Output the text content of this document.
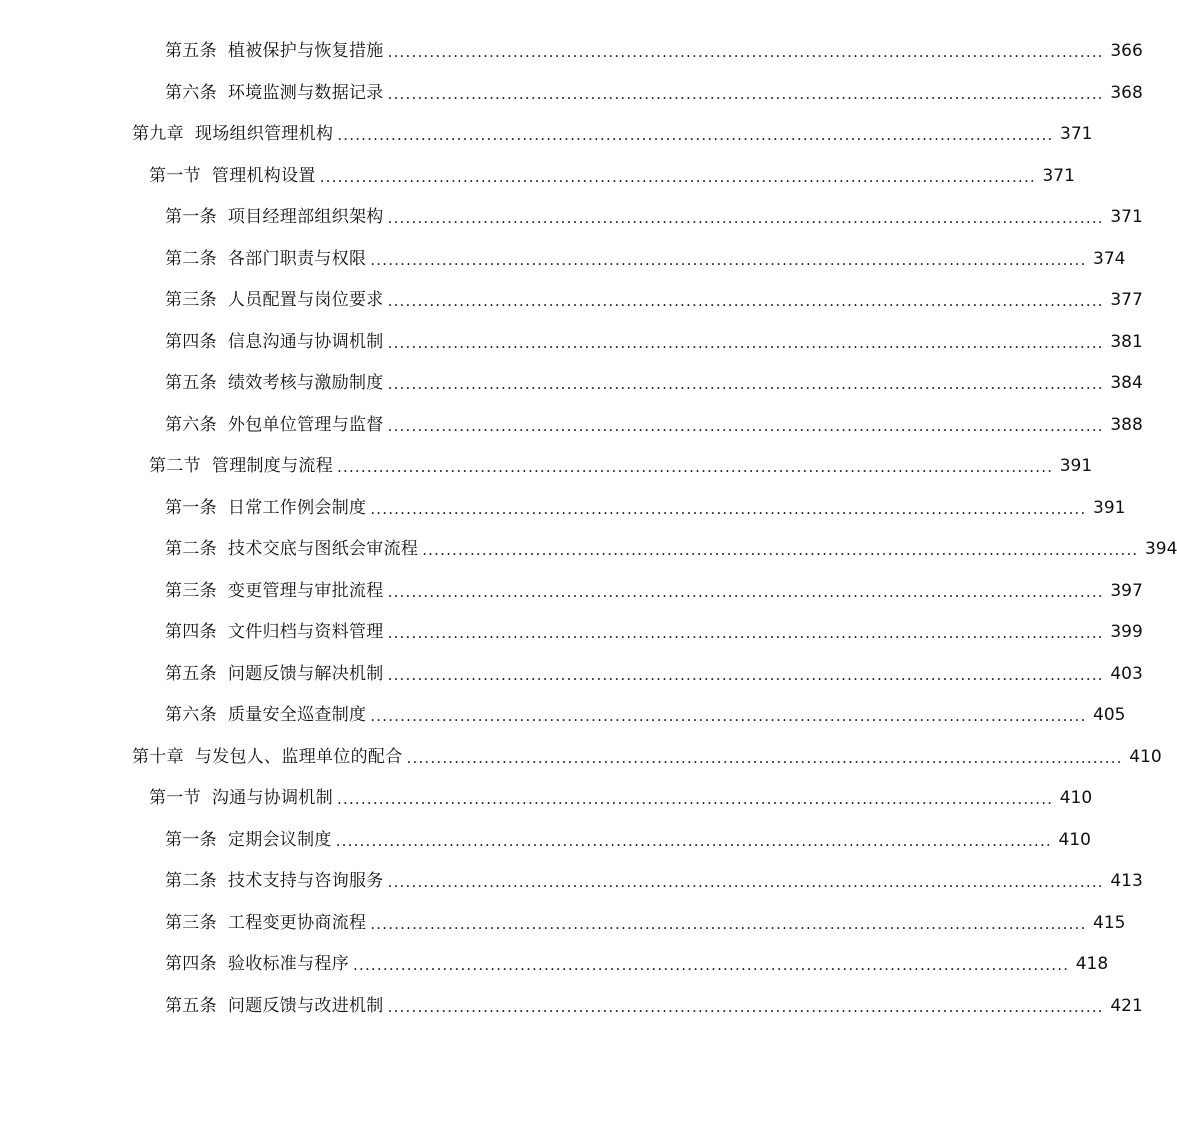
第五条 植被保护与恢复措施 ........................................................................................................................ 366
第六条 环境监测与数据记录 ........................................................................................................................ 368
第九章 现场组织管理机构 ........................................................................................................................ 371
第一节 管理机构设置 ........................................................................................................................ 371
第一条 项目经理部组织架构 ........................................................................................................................ 371
第二条 各部门职责与权限 ........................................................................................................................ 374
第三条 人员配置与岗位要求 ........................................................................................................................ 377
第四条 信息沟通与协调机制 ........................................................................................................................ 381
第五条 绩效考核与激励制度 ........................................................................................................................ 384
第六条 外包单位管理与监督 ........................................................................................................................ 388
第二节 管理制度与流程 ........................................................................................................................ 391
第一条 日常工作例会制度 ........................................................................................................................ 391
第二条 技术交底与图纸会审流程 ........................................................................................................................ 394
第三条 变更管理与审批流程 ........................................................................................................................ 397
第四条 文件归档与资料管理 ........................................................................................................................ 399
第五条 问题反馈与解决机制 ........................................................................................................................ 403
第六条 质量安全巡查制度 ........................................................................................................................ 405
第十章 与发包人、监理单位的配合 ........................................................................................................................ 410
第一节 沟通与协调机制 ........................................................................................................................ 410
第一条 定期会议制度 ........................................................................................................................ 410
第二条 技术支持与咨询服务 ........................................................................................................................ 413
第三条 工程变更协商流程 ........................................................................................................................ 415
第四条 验收标准与程序 ........................................................................................................................ 418
第五条 问题反馈与改进机制 ........................................................................................................................ 421
